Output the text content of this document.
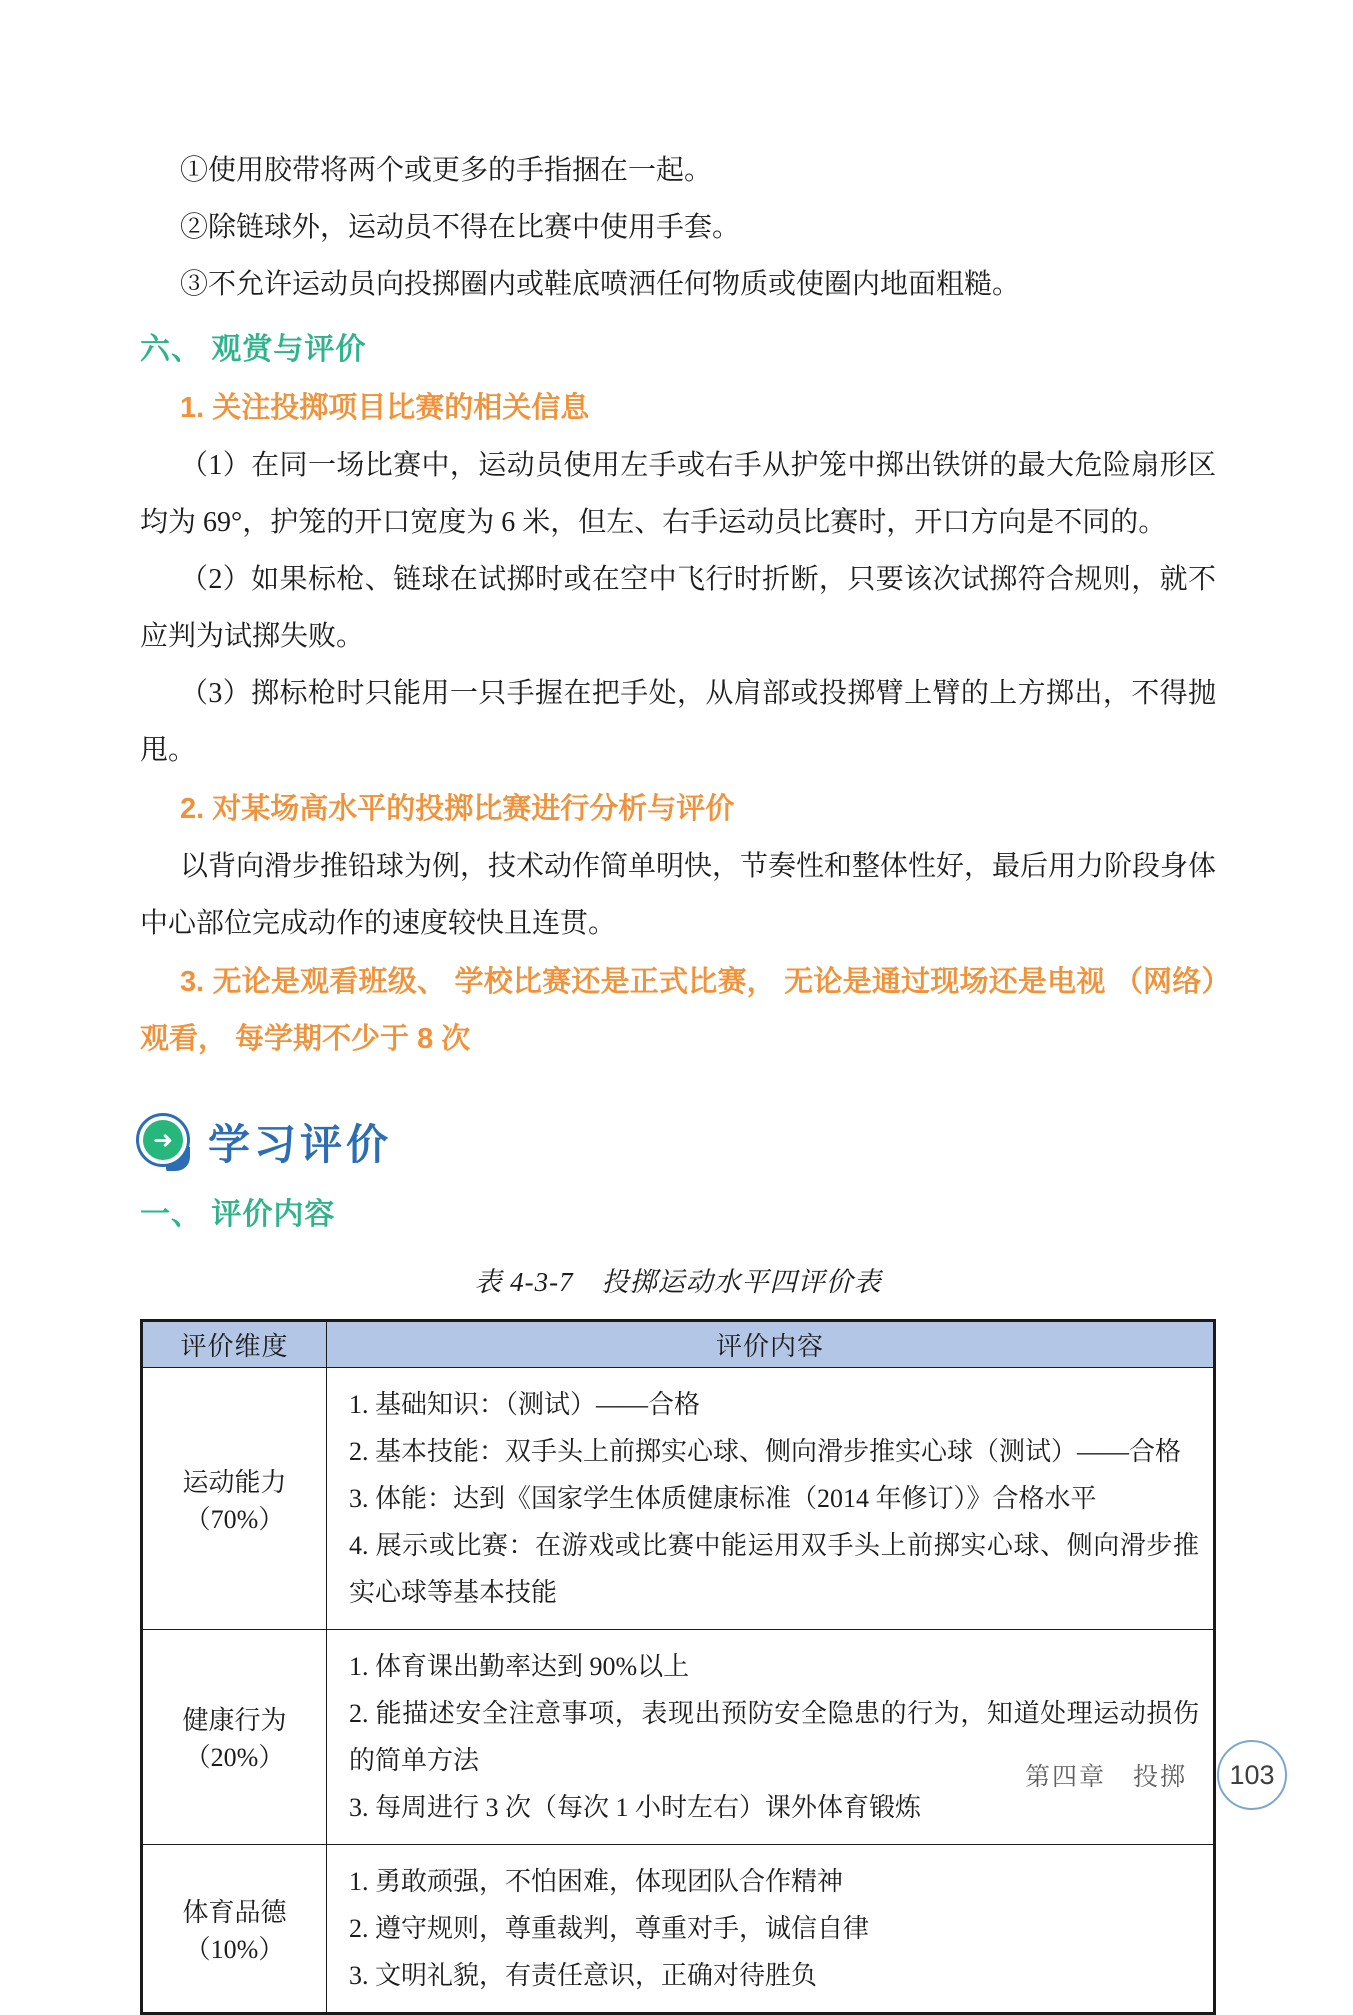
①使用胶带将两个或更多的手指捆在一起。

②除链球外，运动员不得在比赛中使用手套。

③不允许运动员向投掷圈内或鞋底喷洒任何物质或使圈内地面粗糙。

六、 观赏与评价
1. 关注投掷项目比赛的相关信息

（1）在同一场比赛中，运动员使用左手或右手从护笼中掷出铁饼的最大危险扇形区均为 69°，护笼的开口宽度为 6 米，但左、右手运动员比赛时，开口方向是不同的。

（2）如果标枪、链球在试掷时或在空中飞行时折断，只要该次试掷符合规则，就不应判为试掷失败。

（3）掷标枪时只能用一只手握在把手处，从肩部或投掷臂上臂的上方掷出，不得抛甩。

2. 对某场高水平的投掷比赛进行分析与评价

以背向滑步推铅球为例，技术动作简单明快，节奏性和整体性好，最后用力阶段身体中心部位完成动作的速度较快且连贯。

3. 无论是观看班级、 学校比赛还是正式比赛， 无论是通过现场还是电视 （网络）观看， 每学期不少于 8 次
➜ 学习评价
一、 评价内容
表 4-3-7　投掷运动水平四评价表
评价维度	评价内容
运动能力（70%）	1. 基础知识：（测试）——合格
2. 基本技能：双手头上前掷实心球、侧向滑步推实心球（测试）——合格
3. 体能：达到《国家学生体质健康标准（2014 年修订）》合格水平
4. 展示或比赛：在游戏或比赛中能运用双手头上前掷实心球、侧向滑步推实心球等基本技能

健康行为（20%）	1. 体育课出勤率达到 90%以上
2. 能描述安全注意事项，表现出预防安全隐患的行为，知道处理运动损伤的简单方法
3. 每周进行 3 次（每次 1 小时左右）课外体育锻炼

体育品德（10%）	1. 勇敢顽强，不怕困难，体现团队合作精神
2. 遵守规则，尊重裁判，尊重对手，诚信自律
3. 文明礼貌，有责任意识，正确对待胜负
第四章　投掷	103
